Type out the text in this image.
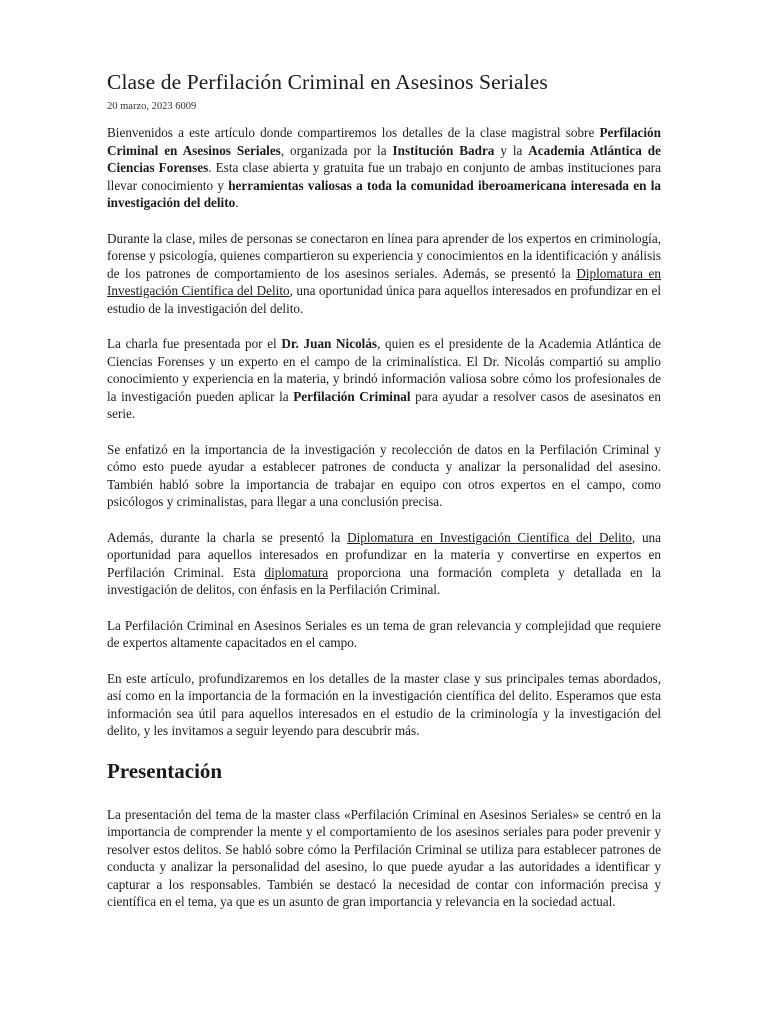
Clase de Perfilación Criminal en Asesinos Seriales
20 marzo, 2023 6009

Bienvenidos a este artículo donde compartiremos los detalles de la clase magistral sobre Perfilación Criminal en Asesinos Seriales, organizada por la Institución Badra y la Academia Atlántica de Ciencias Forenses. Esta clase abierta y gratuita fue un trabajo en conjunto de ambas instituciones para llevar conocimiento y herramientas valiosas a toda la comunidad iberoamericana interesada en la investigación del delito.

Durante la clase, miles de personas se conectaron en línea para aprender de los expertos en criminología, forense y psicología, quienes compartieron su experiencia y conocimientos en la identificación y análisis de los patrones de comportamiento de los asesinos seriales. Además, se presentó la Diplomatura en Investigación Científica del Delito, una oportunidad única para aquellos interesados en profundizar en el estudio de la investigación del delito.

La charla fue presentada por el Dr. Juan Nicolás, quien es el presidente de la Academia Atlántica de Ciencias Forenses y un experto en el campo de la criminalística. El Dr. Nicolás compartió su amplio conocimiento y experiencia en la materia, y brindó información valiosa sobre cómo los profesionales de la investigación pueden aplicar la Perfilación Criminal para ayudar a resolver casos de asesinatos en serie.

Se enfatizó en la importancia de la investigación y recolección de datos en la Perfilación Criminal y cómo esto puede ayudar a establecer patrones de conducta y analizar la personalidad del asesino. También habló sobre la importancia de trabajar en equipo con otros expertos en el campo, como psicólogos y criminalistas, para llegar a una conclusión precisa.

Además, durante la charla se presentó la Diplomatura en Investigación Científica del Delito, una oportunidad para aquellos interesados en profundizar en la materia y convertirse en expertos en Perfilación Criminal. Esta diplomatura proporciona una formación completa y detallada en la investigación de delitos, con énfasis en la Perfilación Criminal.

La Perfilación Criminal en Asesinos Seriales es un tema de gran relevancia y complejidad que requiere de expertos altamente capacitados en el campo.

En este artículo, profundizaremos en los detalles de la master clase y sus principales temas abordados, así como en la importancia de la formación en la investigación científica del delito. Esperamos que esta información sea útil para aquellos interesados en el estudio de la criminología y la investigación del delito, y les invitamos a seguir leyendo para descubrir más.

Presentación

La presentación del tema de la master class «Perfilación Criminal en Asesinos Seriales» se centró en la importancia de comprender la mente y el comportamiento de los asesinos seriales para poder prevenir y resolver estos delitos. Se habló sobre cómo la Perfilación Criminal se utiliza para establecer patrones de conducta y analizar la personalidad del asesino, lo que puede ayudar a las autoridades a identificar y capturar a los responsables. También se destacó la necesidad de contar con información precisa y científica en el tema, ya que es un asunto de gran importancia y relevancia en la sociedad actual.
